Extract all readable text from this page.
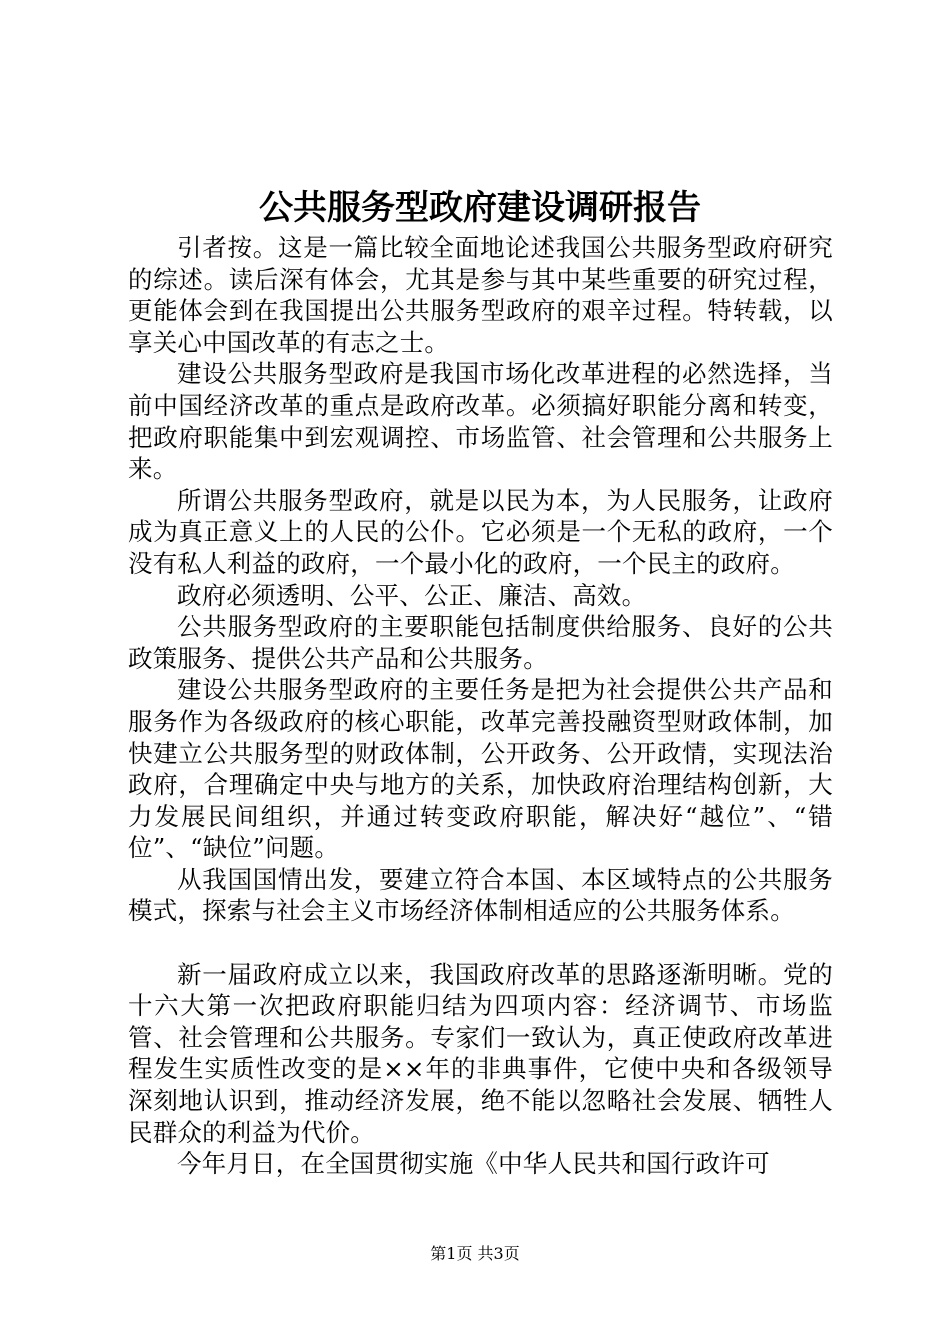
公共服务型政府建设调研报告

引者按。这是一篇比较全面地论述我国公共服务型政府研究的综述。读后深有体会，尤其是参与其中某些重要的研究过程，更能体会到在我国提出公共服务型政府的艰辛过程。特转载，以享关心中国改革的有志之士。

建设公共服务型政府是我国市场化改革进程的必然选择，当前中国经济改革的重点是政府改革。必须搞好职能分离和转变，把政府职能集中到宏观调控、市场监管、社会管理和公共服务上来。

所谓公共服务型政府，就是以民为本，为人民服务，让政府成为真正意义上的人民的公仆。它必须是一个无私的政府，一个没有私人利益的政府，一个最小化的政府，一个民主的政府。

政府必须透明、公平、公正、廉洁、高效。

公共服务型政府的主要职能包括制度供给服务、良好的公共政策服务、提供公共产品和公共服务。

建设公共服务型政府的主要任务是把为社会提供公共产品和服务作为各级政府的核心职能，改革完善投融资型财政体制，加快建立公共服务型的财政体制，公开政务、公开政情，实现法治政府，合理确定中央与地方的关系，加快政府治理结构创新，大力发展民间组织，并通过转变政府职能，解决好“越位”、“错位”、“缺位”问题。

从我国国情出发，要建立符合本国、本区域特点的公共服务模式，探索与社会主义市场经济体制相适应的公共服务体系。

新一届政府成立以来，我国政府改革的思路逐渐明晰。党的十六大第一次把政府职能归结为四项内容：经济调节、市场监管、社会管理和公共服务。专家们一致认为，真正使政府改革进程发生实质性改变的是××年的非典事件，它使中央和各级领导深刻地认识到，推动经济发展，绝不能以忽略社会发展、牺牲人民群众的利益为代价。

今年月日，在全国贯彻实施《中华人民共和国行政许可

第1页 共3页
